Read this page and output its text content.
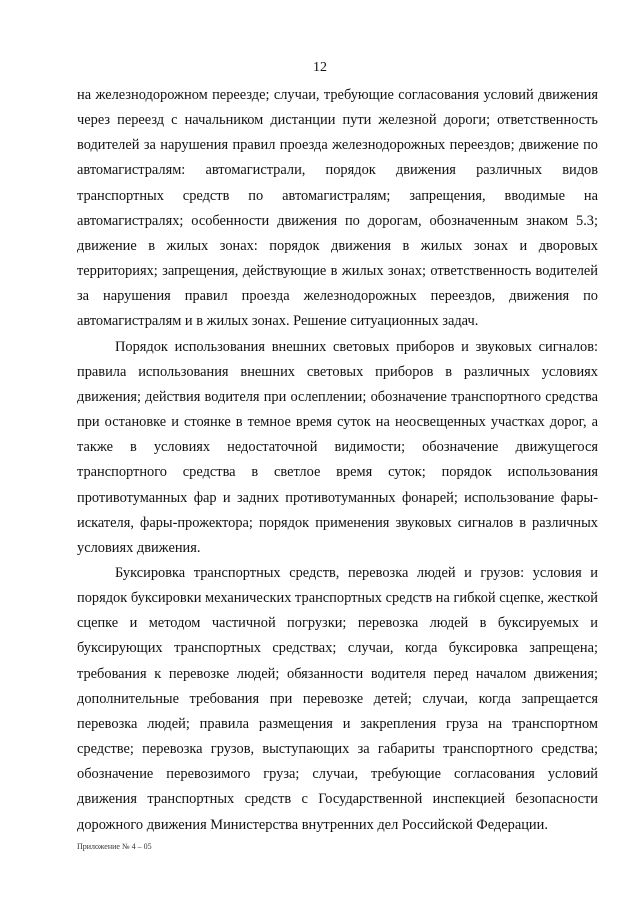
12

на железнодорожном переезде; случаи, требующие согласования условий движения через переезд с начальником дистанции пути железной дороги; ответственность водителей за нарушения правил проезда железнодорожных переездов; движение по автомагистралям: автомагистрали, порядок движения различных видов транспортных средств по автомагистралям; запрещения, вводимые на автомагистралях; особенности движения по дорогам, обозначенным знаком 5.3; движение в жилых зонах: порядок движения в жилых зонах и дворовых территориях; запрещения, действующие в жилых зонах; ответственность водителей за нарушения правил проезда железнодорожных переездов, движения по автомагистралям и в жилых зонах. Решение ситуационных задач.

Порядок использования внешних световых приборов и звуковых сигналов: правила использования внешних световых приборов в различных условиях движения; действия водителя при ослеплении; обозначение транспортного средства при остановке и стоянке в темное время суток на неосвещенных участках дорог, а также в условиях недостаточной видимости; обозначение движущегося транспортного средства в светлое время суток; порядок использования противотуманных фар и задних противотуманных фонарей; использование фары-искателя, фары-прожектора; порядок применения звуковых сигналов в различных условиях движения.

Буксировка транспортных средств, перевозка людей и грузов: условия и порядок буксировки механических транспортных средств на гибкой сцепке, жесткой сцепке и методом частичной погрузки; перевозка людей в буксируемых и буксирующих транспортных средствах; случаи, когда буксировка запрещена; требования к перевозке людей; обязанности водителя перед началом движения; дополнительные требования при перевозке детей; случаи, когда запрещается перевозка людей; правила размещения и закрепления груза на транспортном средстве; перевозка грузов, выступающих за габариты транспортного средства; обозначение перевозимого груза; случаи, требующие согласования условий движения транспортных средств с Государственной инспекцией безопасности дорожного движения Министерства внутренних дел Российской Федерации.

Приложение № 4 – 05
